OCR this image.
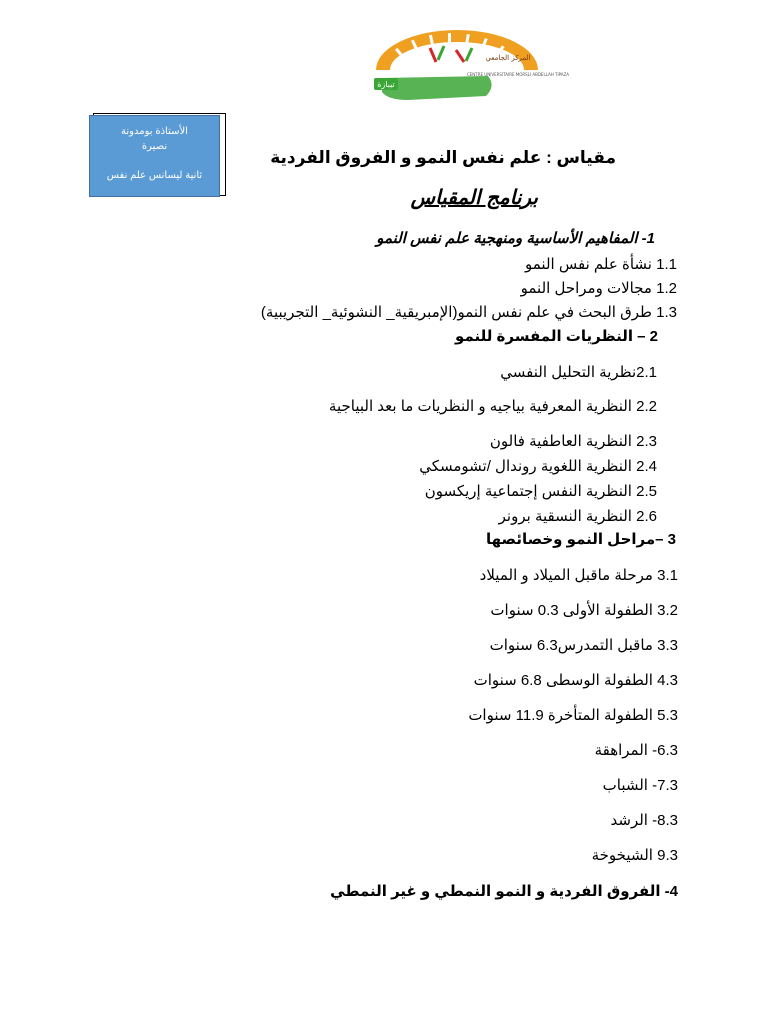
تيبازة
المركز الجامعي
CENTRE UNIVERSITAIRE MORSLI ABDELLAH TIPAZA
الأستاذة بومدونة
نصيرة
ثانية ليسانس علم نفس
مقياس : علم نفس النمو و الفروق الفردية
برنامج المقياس
1- المفاهيم الأساسية ومنهجية علم نفس النمو
1.1 نشأة علم نفس النمو
1.2 مجالات ومراحل النمو
1.3 طرق البحث في علم نفس النمو(الإمبريقية_ النشوئية_ التجريبية)
2 – النظريات المفسرة للنمو
2.1نظرية التحليل النفسي
2.2 النظرية المعرفية بياجيه و النظريات ما بعد البياجية
2.3 النظرية العاطفية فالون
2.4 النظرية اللغوية روندال /تشومسكي
2.5 النظرية النفس إجتماعية إريكسون
2.6 النظرية النسقية برونر
3 –مراحل النمو وخصائصها
3.1 مرحلة ماقبل الميلاد و الميلاد
3.2 الطفولة الأولى 0.3 سنوات
3.3 ماقبل التمدرس6.3 سنوات
4.3 الطفولة الوسطى 6.8 سنوات
5.3 الطفولة المتأخرة 11.9 سنوات
6.3- المراهقة
7.3- الشباب
8.3- الرشد
9.3 الشيخوخة
4- الفروق الفردية و النمو النمطي و غير النمطي
